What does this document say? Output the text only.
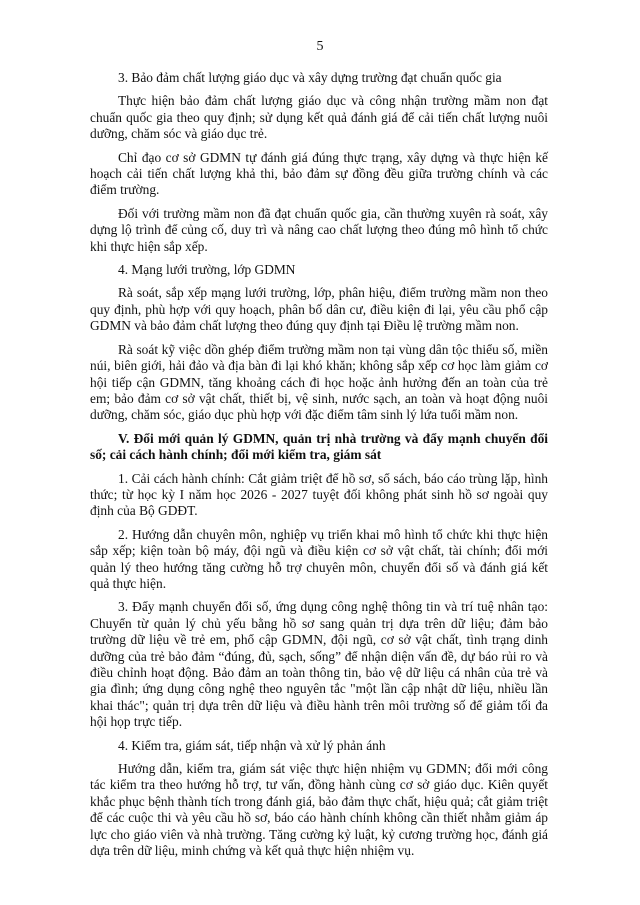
5

3. Bảo đảm chất lượng giáo dục và xây dựng trường đạt chuẩn quốc gia

Thực hiện bảo đảm chất lượng giáo dục và công nhận trường mầm non đạt chuẩn quốc gia theo quy định; sử dụng kết quả đánh giá để cải tiến chất lượng nuôi dưỡng, chăm sóc và giáo dục trẻ.

Chỉ đạo cơ sở GDMN tự đánh giá đúng thực trạng, xây dựng và thực hiện kế hoạch cải tiến chất lượng khả thi, bảo đảm sự đồng đều giữa trường chính và các điểm trường.

Đối với trường mầm non đã đạt chuẩn quốc gia, cần thường xuyên rà soát, xây dựng lộ trình để củng cố, duy trì và nâng cao chất lượng theo đúng mô hình tổ chức khi thực hiện sắp xếp.

4. Mạng lưới trường, lớp GDMN

Rà soát, sắp xếp mạng lưới trường, lớp, phân hiệu, điểm trường mầm non theo quy định, phù hợp với quy hoạch, phân bố dân cư, điều kiện đi lại, yêu cầu phổ cập GDMN và bảo đảm chất lượng theo đúng quy định tại Điều lệ trường mầm non.

Rà soát kỹ việc dồn ghép điểm trường mầm non tại vùng dân tộc thiểu số, miền núi, biên giới, hải đảo và địa bàn đi lại khó khăn; không sắp xếp cơ học làm giảm cơ hội tiếp cận GDMN, tăng khoảng cách đi học hoặc ảnh hưởng đến an toàn của trẻ em; bảo đảm cơ sở vật chất, thiết bị, vệ sinh, nước sạch, an toàn và hoạt động nuôi dưỡng, chăm sóc, giáo dục phù hợp với đặc điểm tâm sinh lý lứa tuổi mầm non.

V. Đổi mới quản lý GDMN, quản trị nhà trường và đẩy mạnh chuyển đổi số; cải cách hành chính; đổi mới kiểm tra, giám sát

1. Cải cách hành chính: Cắt giảm triệt để hồ sơ, sổ sách, báo cáo trùng lặp, hình thức; từ học kỳ I năm học 2026 - 2027 tuyệt đối không phát sinh hồ sơ ngoài quy định của Bộ GDĐT.

2. Hướng dẫn chuyên môn, nghiệp vụ triển khai mô hình tổ chức khi thực hiện sắp xếp; kiện toàn bộ máy, đội ngũ và điều kiện cơ sở vật chất, tài chính; đổi mới quản lý theo hướng tăng cường hỗ trợ chuyên môn, chuyển đổi số và đánh giá kết quả thực hiện.

3. Đẩy mạnh chuyển đổi số, ứng dụng công nghệ thông tin và trí tuệ nhân tạo: Chuyển từ quản lý chủ yếu bằng hồ sơ sang quản trị dựa trên dữ liệu; đảm bảo trường dữ liệu về trẻ em, phổ cập GDMN, đội ngũ, cơ sở vật chất, tình trạng dinh dưỡng của trẻ bảo đảm “đúng, đủ, sạch, sống” để nhận diện vấn đề, dự báo rủi ro và điều chỉnh hoạt động. Bảo đảm an toàn thông tin, bảo vệ dữ liệu cá nhân của trẻ và gia đình; ứng dụng công nghệ theo nguyên tắc "một lần cập nhật dữ liệu, nhiều lần khai thác"; quản trị dựa trên dữ liệu và điều hành trên môi trường số để giảm tối đa hội họp trực tiếp.

4. Kiểm tra, giám sát, tiếp nhận và xử lý phản ánh

Hướng dẫn, kiểm tra, giám sát việc thực hiện nhiệm vụ GDMN; đổi mới công tác kiểm tra theo hướng hỗ trợ, tư vấn, đồng hành cùng cơ sở giáo dục. Kiên quyết khắc phục bệnh thành tích trong đánh giá, bảo đảm thực chất, hiệu quả; cắt giảm triệt để các cuộc thi và yêu cầu hồ sơ, báo cáo hành chính không cần thiết nhằm giảm áp lực cho giáo viên và nhà trường. Tăng cường kỷ luật, kỷ cương trường học, đánh giá dựa trên dữ liệu, minh chứng và kết quả thực hiện nhiệm vụ.
